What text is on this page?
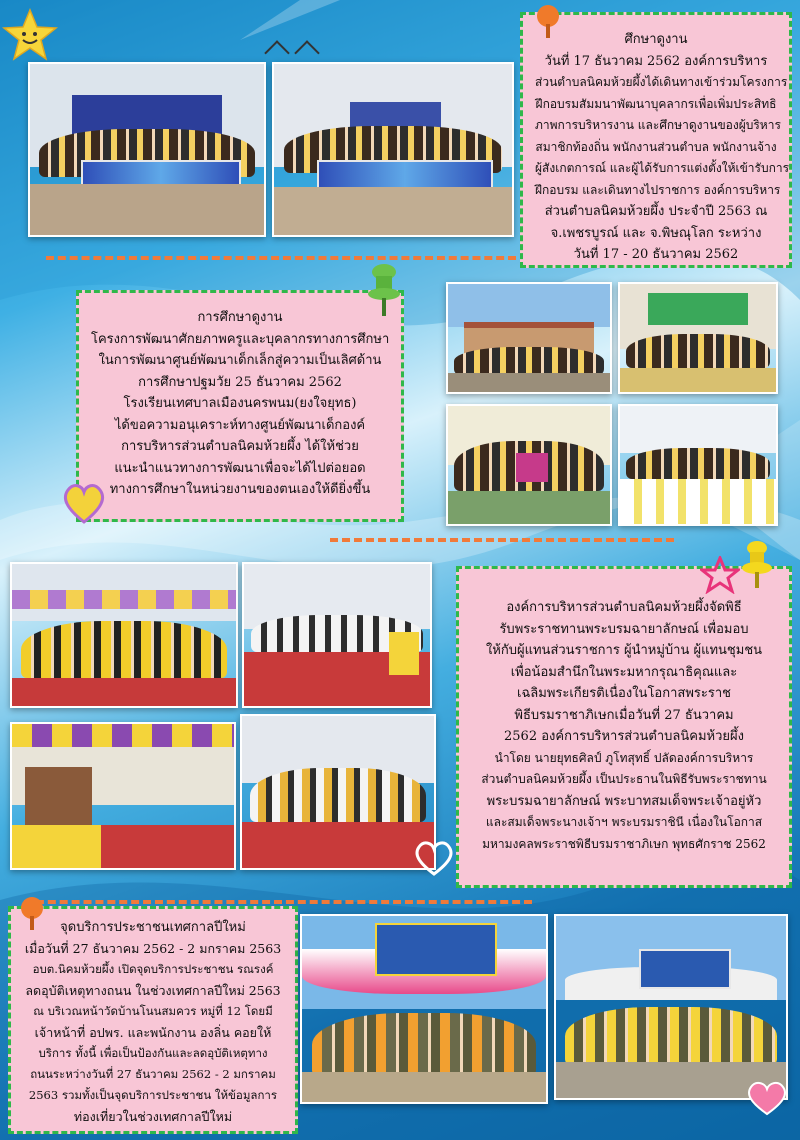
ศึกษาดูงาน

วันที่ 17 ธันวาคม 2562 องค์การบริหาร

ส่วนตำบลนิคมห้วยผึ้งได้เดินทางเข้าร่วมโครงการ

ฝึกอบรมสัมมนาพัฒนาบุคลากรเพื่อเพิ่มประสิทธิ

ภาพการบริหารงาน และศึกษาดูงานของผู้บริหาร

สมาชิกท้องถิ่น พนักงานส่วนตำบล พนักงานจ้าง

ผู้สังเกตการณ์ และผู้ได้รับการแต่งตั้งให้เข้ารับการ

ฝึกอบรม และเดินทางไปราชการ องค์การบริหาร

ส่วนตำบลนิคมห้วยผึ้ง ประจำปี 2563 ณ

จ.เพชรบูรณ์ และ จ.พิษณุโลก ระหว่าง

วันที่ 17 - 20 ธันวาคม 2562

การศึกษาดูงาน

โครงการพัฒนาศักยภาพครูและบุคลากรทางการศึกษา

ในการพัฒนาศูนย์พัฒนาเด็กเล็กสู่ความเป็นเลิศด้าน

การศึกษาปฐมวัย 25 ธันวาคม 2562

โรงเรียนเทศบาลเมืองนครพนม(ยงใจยุทธ)

ได้ขอความอนุเคราะห์ทางศูนย์พัฒนาเด็กองค์

การบริหารส่วนตำบลนิคมห้วยผึ้ง ได้ให้ช่วย

แนะนำแนวทางการพัฒนาเพื่อจะได้ไปต่อยอด

ทางการศึกษาในหน่วยงานของตนเองให้ดียิ่งขึ้น

องค์การบริหารส่วนตำบลนิคมห้วยผึ้งจัดพิธี

รับพระราชทานพระบรมฉายาลักษณ์ เพื่อมอบ

ให้กับผู้แทนส่วนราชการ ผู้นำหมู่บ้าน ผู้แทนชุมชน

เพื่อน้อมสำนึกในพระมหากรุณาธิคุณและ

เฉลิมพระเกียรติเนื่องในโอกาสพระราช

พิธีบรมราชาภิเษกเมื่อวันที่ 27 ธันวาคม

2562 องค์การบริหารส่วนตำบลนิคมห้วยผึ้ง

นำโดย นายยุทธศิลป์ ภูโทสุทธิ์ ปลัดองค์การบริหาร

ส่วนตำบลนิคมห้วยผึ้ง เป็นประธานในพิธีรับพระราชทาน

พระบรมฉายาลักษณ์ พระบาทสมเด็จพระเจ้าอยู่หัว

และสมเด็จพระนางเจ้าฯ พระบรมราชินี เนื่องในโอกาส

มหามงคลพระราชพิธีบรมราชาภิเษก พุทธศักราช 2562

จุดบริการประชาชนเทศกาลปีใหม่

เมื่อวันที่ 27 ธันวาคม 2562 - 2 มกราคม 2563

อบต.นิคมห้วยผึ้ง เปิดจุดบริการประชาชน รณรงค์

ลดอุบัติเหตุทางถนน ในช่วงเทศกาลปีใหม่ 2563

ณ บริเวณหน้าวัดบ้านโนนสมควร หมู่ที่ 12 โดยมี

เจ้าหน้าที่ อปพร. และพนักงาน องลิ่น คอยให้

บริการ ทั้งนี้ เพื่อเป็นป้องกันและลดอุบัติเหตุทาง

ถนนระหว่างวันที่ 27 ธันวาคม 2562 - 2 มกราคม

2563 รวมทั้งเป็นจุดบริการประชาชน ให้ข้อมูลการ

ท่องเที่ยวในช่วงเทศกาลปีใหม่
